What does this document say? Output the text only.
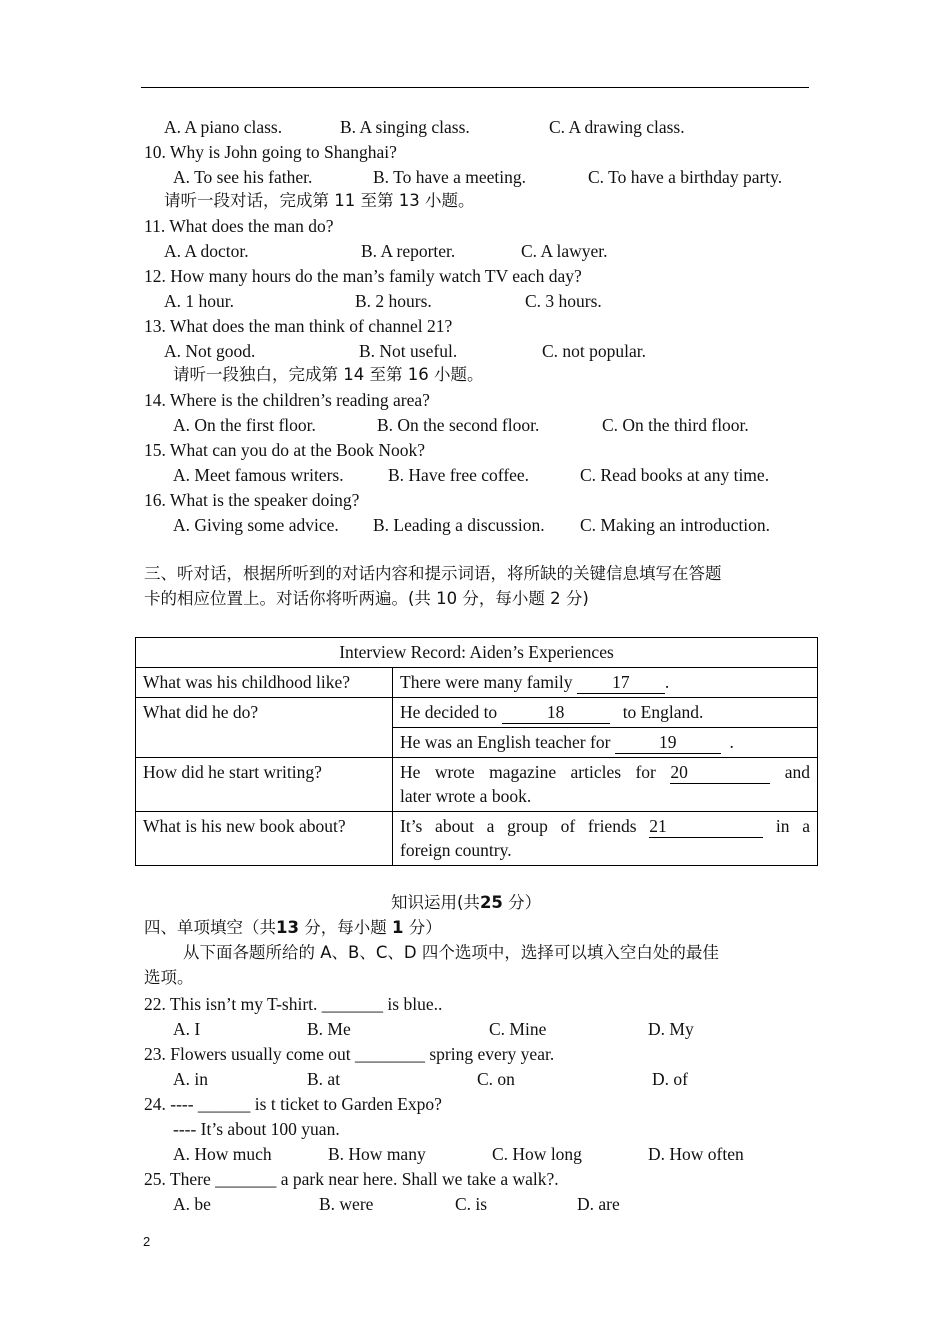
A. A piano class.	B. A singing class.	C. A drawing class.
10. Why is John going to Shanghai?
A. To see his father.	B. To have a meeting.	C. To have a birthday party.
请听一段对话，完成第 11 至第 13 小题。
11. What does the man do?
A. A doctor.	B. A reporter.	C. A lawyer.
12. How many hours do the man’s family watch TV each day?
A. 1 hour.	B. 2 hours.	C. 3 hours.
13. What does the man think of channel 21?
A. Not good.	B. Not useful.	C. not popular.
请听一段独白，完成第 14 至第 16 小题。
14. Where is the children’s reading area?
A. On the first floor.	B. On the second floor.	C. On the third floor.
15. What can you do at the Book Nook?
A. Meet famous writers.	B. Have free coffee.	C. Read books at any time.
16. What is the speaker doing?
A. Giving some advice. B. Leading a discussion. C. Making an introduction.
三、听对话，根据所听到的对话内容和提示词语，将所缺的关键信息填写在答题
卡的相应位置上。对话你将听两遍。(共 10 分，每小题 2 分)
Interview Record: Aiden’s Experiences	
What was his childhood like?	There were many family 17 .
What did he do?	He decided to 18 to England.
	He was an English teacher for 19 .
How did he start writing?	He wrote magazine articles for 20 and
later wrote a book.

What is his new book about?	It’s about a group of friends 21 in a
foreign country.
知识运用(共25 分）
四、单项填空（共13 分，每小题 1 分）
从下面各题所给的 A、B、C、D 四个选项中，选择可以填入空白处的最佳
选项。
22. This isn’t my T-shirt. _______ is blue..
A. I	B. Me	C. Mine	D. My
23. Flowers usually come out ________ spring every year.
A. in	B. at	C. on	D. of
24. ---- ______ is t ticket to Garden Expo?
---- It’s about 100 yuan.
A. How much	B. How many	C. How long	D. How often
25. There _______ a park near here. Shall we take a walk?.
A. be	B. were	C. is	D. are
2
